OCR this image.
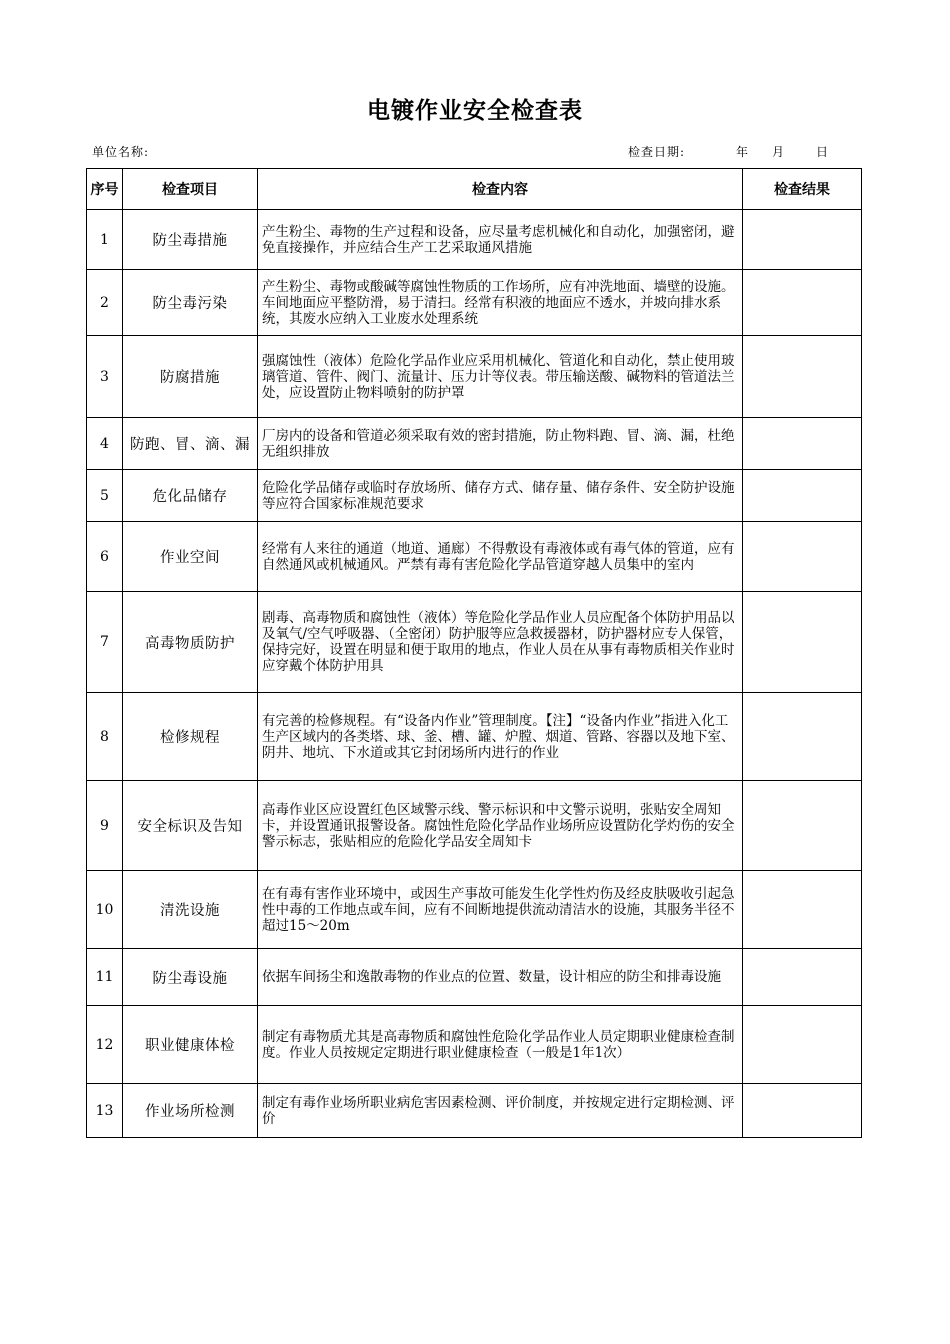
电镀作业安全检查表
单位名称:	检查日期:	年 月	日
序号	检查项目	检查内容	检查结果
1	防尘毒措施	产生粉尘、毒物的生产过程和设备，应尽量考虑机械化和自动化，加强密闭，避免直接操作，并应结合生产工艺采取通风措施	
2	防尘毒污染	产生粉尘、毒物或酸碱等腐蚀性物质的工作场所，应有冲洗地面、墙壁的设施。车间地面应平整防滑，易于清扫。经常有积液的地面应不透水，并坡向排水系统，其废水应纳入工业废水处理系统	
3	防腐措施	强腐蚀性（液体）危险化学品作业应采用机械化、管道化和自动化，禁止使用玻璃管道、管件、阀门、流量计、压力计等仪表。带压输送酸、碱物料的管道法兰处，应设置防止物料喷射的防护罩	
4	防跑、冒、滴、漏	厂房内的设备和管道必须采取有效的密封措施，防止物料跑、冒、滴、漏，杜绝无组织排放	
5	危化品储存	危险化学品储存或临时存放场所、储存方式、储存量、储存条件、安全防护设施等应符合国家标准规范要求	
6	作业空间	经常有人来往的通道（地道、通廊）不得敷设有毒液体或有毒气体的管道，应有自然通风或机械通风。严禁有毒有害危险化学品管道穿越人员集中的室内	
7	高毒物质防护	剧毒、高毒物质和腐蚀性（液体）等危险化学品作业人员应配备个体防护用品以及氧气/空气呼吸器、（全密闭）防护服等应急救援器材，防护器材应专人保管，保持完好，设置在明显和便于取用的地点，作业人员在从事有毒物质相关作业时应穿戴个体防护用具	
8	检修规程	有完善的检修规程。有“设备内作业”管理制度。【注】“设备内作业”指进入化工生产区域内的各类塔、球、釜、槽、罐、炉膛、烟道、管路、容器以及地下室、阴井、地坑、下水道或其它封闭场所内进行的作业	
9	安全标识及告知	高毒作业区应设置红色区域警示线、警示标识和中文警示说明，张贴安全周知卡，并设置通讯报警设备。腐蚀性危险化学品作业场所应设置防化学灼伤的安全警示标志，张贴相应的危险化学品安全周知卡	
10	清洗设施	在有毒有害作业环境中，或因生产事故可能发生化学性灼伤及经皮肤吸收引起急性中毒的工作地点或车间，应有不间断地提供流动清洁水的设施，其服务半径不超过15～20m	
11	防尘毒设施	依据车间扬尘和逸散毒物的作业点的位置、数量，设计相应的防尘和排毒设施	
12	职业健康体检	制定有毒物质尤其是高毒物质和腐蚀性危险化学品作业人员定期职业健康检查制度。作业人员按规定定期进行职业健康检查（一般是1年1次）	
13	作业场所检测	制定有毒作业场所职业病危害因素检测、评价制度，并按规定进行定期检测、评价	
